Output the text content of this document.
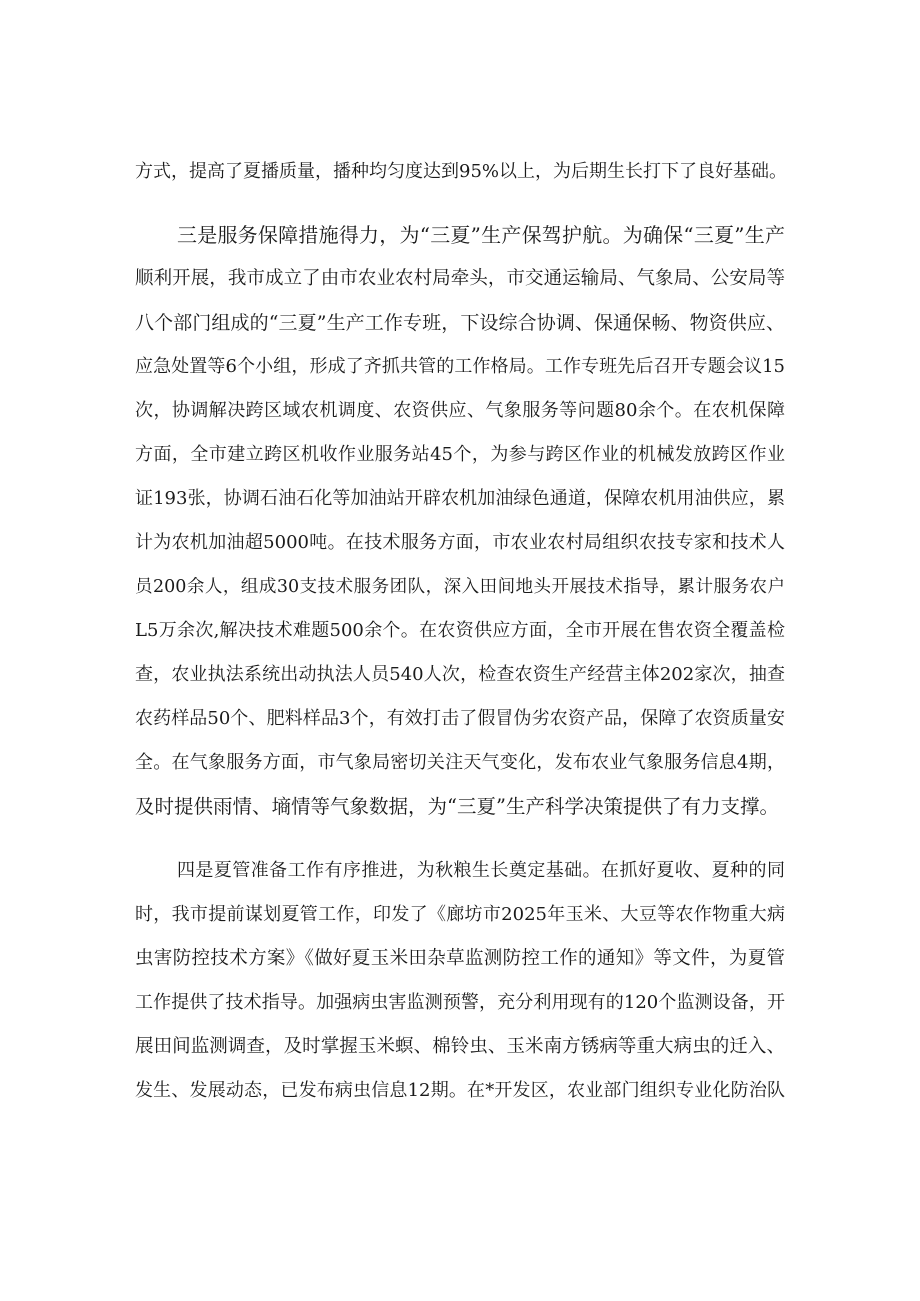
方式，提高了夏播质量，播种均匀度达到95%以上，为后期生长打下了良好基础。
三是服务保障措施得力，为“三夏”生产保驾护航。为确保“三夏”生产
顺利开展，我市成立了由市农业农村局牵头，市交通运输局、气象局、公安局等
八个部门组成的“三夏”生产工作专班，下设综合协调、保通保畅、物资供应、
应急处置等6个小组，形成了齐抓共管的工作格局。工作专班先后召开专题会议15
次，协调解决跨区域农机调度、农资供应、气象服务等问题80余个。在农机保障
方面，全市建立跨区机收作业服务站45个，为参与跨区作业的机械发放跨区作业
证193张，协调石油石化等加油站开辟农机加油绿色通道，保障农机用油供应，累
计为农机加油超5000吨。在技术服务方面，市农业农村局组织农技专家和技术人
员200余人，组成30支技术服务团队，深入田间地头开展技术指导，累计服务农户
L5万余次,解决技术难题500余个。在农资供应方面，全市开展在售农资全覆盖检
查，农业执法系统出动执法人员540人次，检查农资生产经营主体202家次，抽查
农药样品50个、肥料样品3个，有效打击了假冒伪劣农资产品，保障了农资质量安
全。在气象服务方面，市气象局密切关注天气变化，发布农业气象服务信息4期，
及时提供雨情、墒情等气象数据，为“三夏”生产科学决策提供了有力支撑。
四是夏管准备工作有序推进，为秋粮生长奠定基础。在抓好夏收、夏种的同
时，我市提前谋划夏管工作，印发了《廊坊市2025年玉米、大豆等农作物重大病
虫害防控技术方案》《做好夏玉米田杂草监测防控工作的通知》等文件，为夏管
工作提供了技术指导。加强病虫害监测预警，充分利用现有的120个监测设备，开
展田间监测调查，及时掌握玉米螟、棉铃虫、玉米南方锈病等重大病虫的迁入、
发生、发展动态，已发布病虫信息12期。在*开发区，农业部门组织专业化防治队
